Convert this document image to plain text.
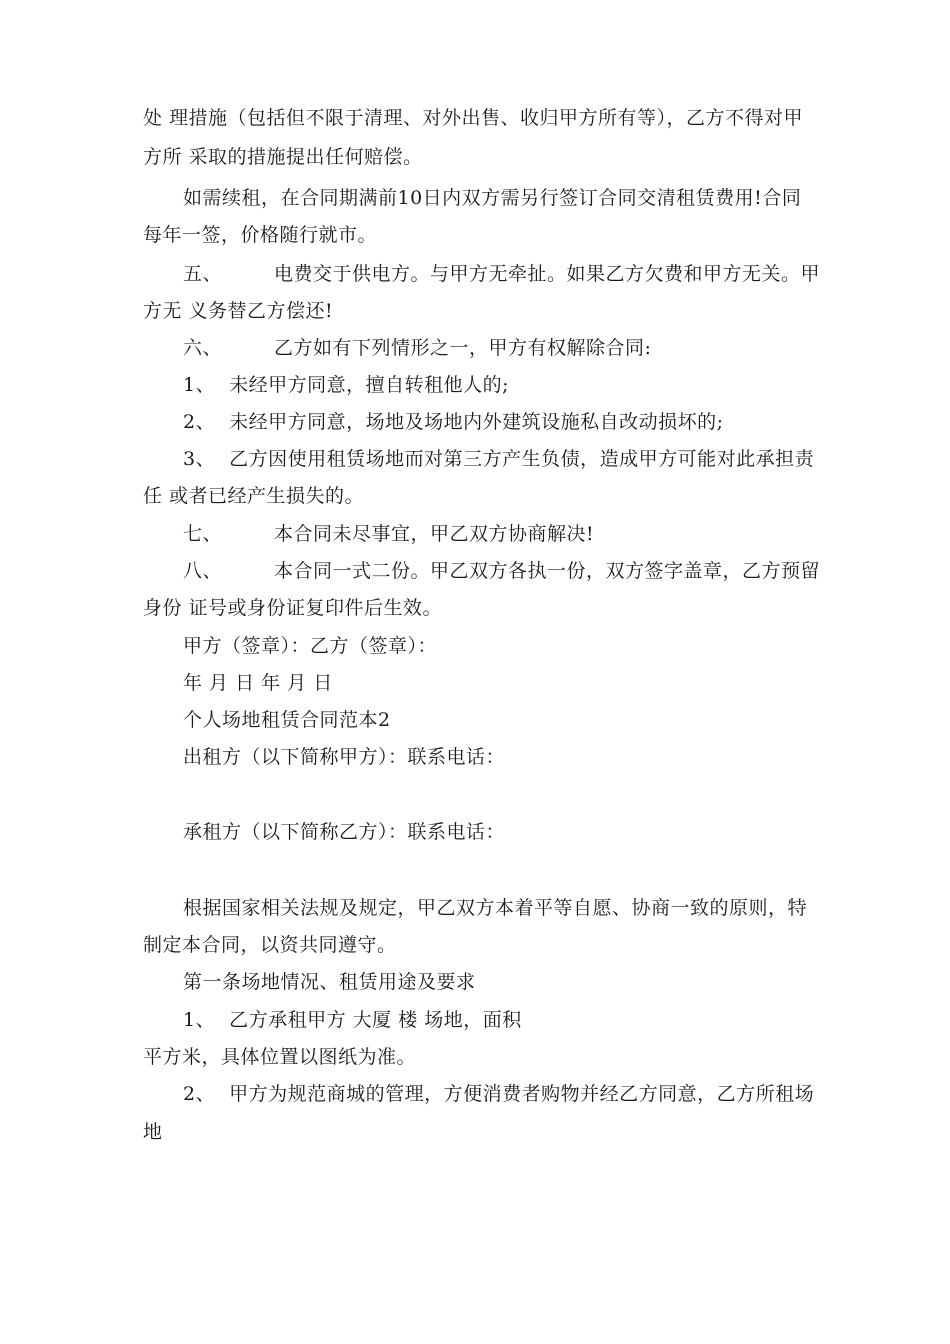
处 理措施（包括但不限于清理、对外出售、收归甲方所有等），乙方不得对甲
方所 采取的措施提出任何赔偿。
如需续租，在合同期满前10日内双方需另行签订合同交清租赁费用!合同
每年一签，价格随行就市。
五、	电费交于供电方。与甲方无牵扯。如果乙方欠费和甲方无关。甲
方无 义务替乙方偿还!
六、	乙方如有下列情形之一，甲方有权解除合同:
1、 未经甲方同意，擅自转租他人的;
2、 未经甲方同意，场地及场地内外建筑设施私自改动损坏的;
3、 乙方因使用租赁场地而对第三方产生负债，造成甲方可能对此承担责
任 或者已经产生损失的。
七、	本合同未尽事宜，甲乙双方协商解决!
八、	本合同一式二份。甲乙双方各执一份，双方签字盖章，乙方预留
身份 证号或身份证复印件后生效。
甲方（签章）：乙方（签章）：
年 月 日 年 月 日
个人场地租赁合同范本2
出租方（以下简称甲方）：联系电话：
承租方（以下简称乙方）：联系电话：
根据国家相关法规及规定，甲乙双方本着平等自愿、协商一致的原则，特
制定本合同，以资共同遵守。
第一条场地情况、租赁用途及要求
1、 乙方承租甲方 大厦 楼 场地，面积
平方米，具体位置以图纸为准。
2、 甲方为规范商城的管理，方便消费者购物并经乙方同意，乙方所租场
地
